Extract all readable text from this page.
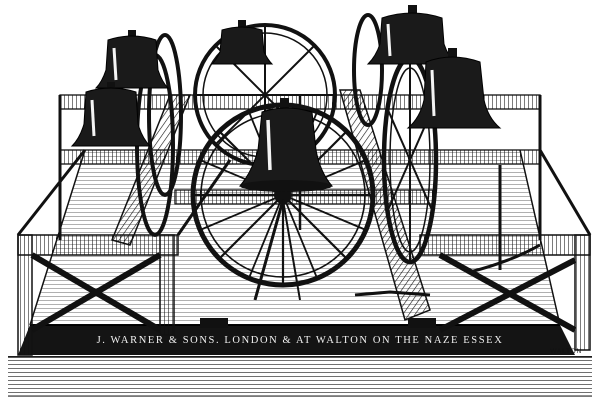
J. WARNER & SONS. LONDON & AT WALTON ON THE NAZE ESSEX
WALTON
